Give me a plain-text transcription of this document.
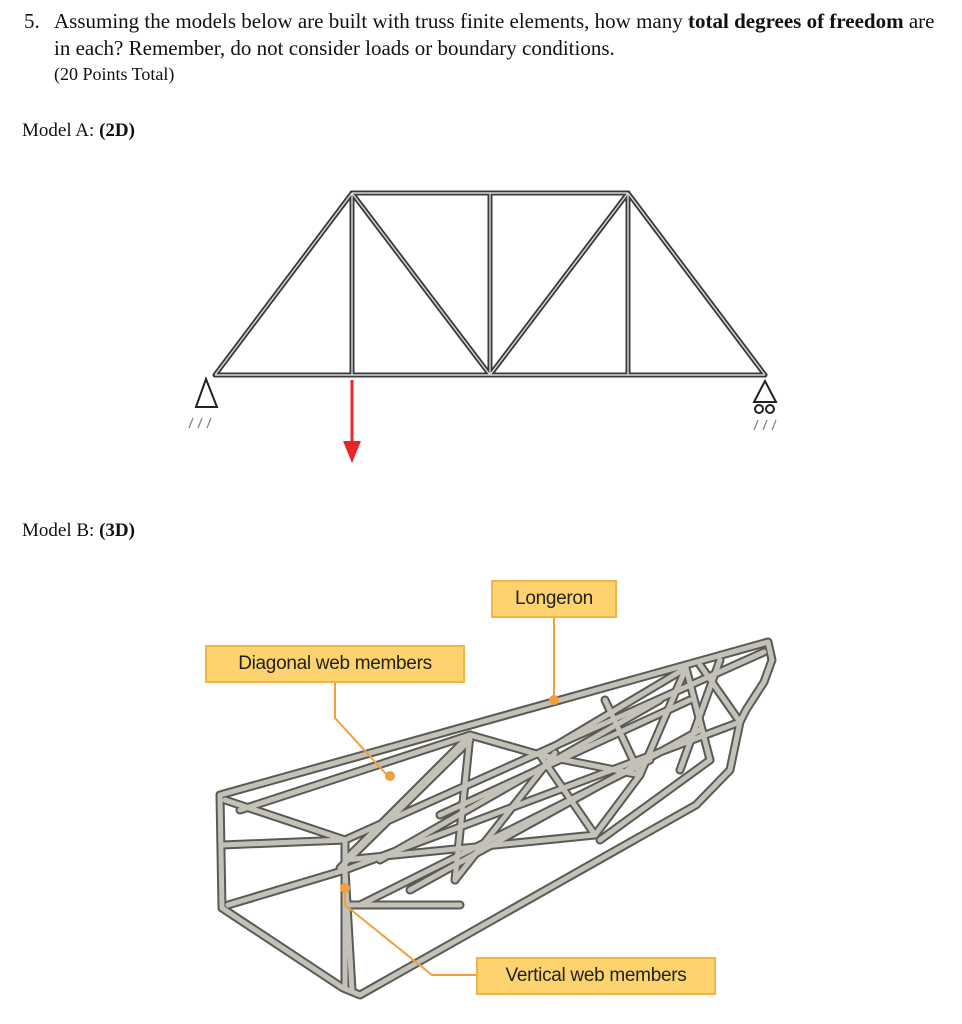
5. Assuming the models below are built with truss finite elements, how many total degrees of freedom are in each? Remember, do not consider loads or boundary conditions.
(20 Points Total)
Model A: (2D)
Model B: (3D)
Longeron
Diagonal web members
Vertical web members
